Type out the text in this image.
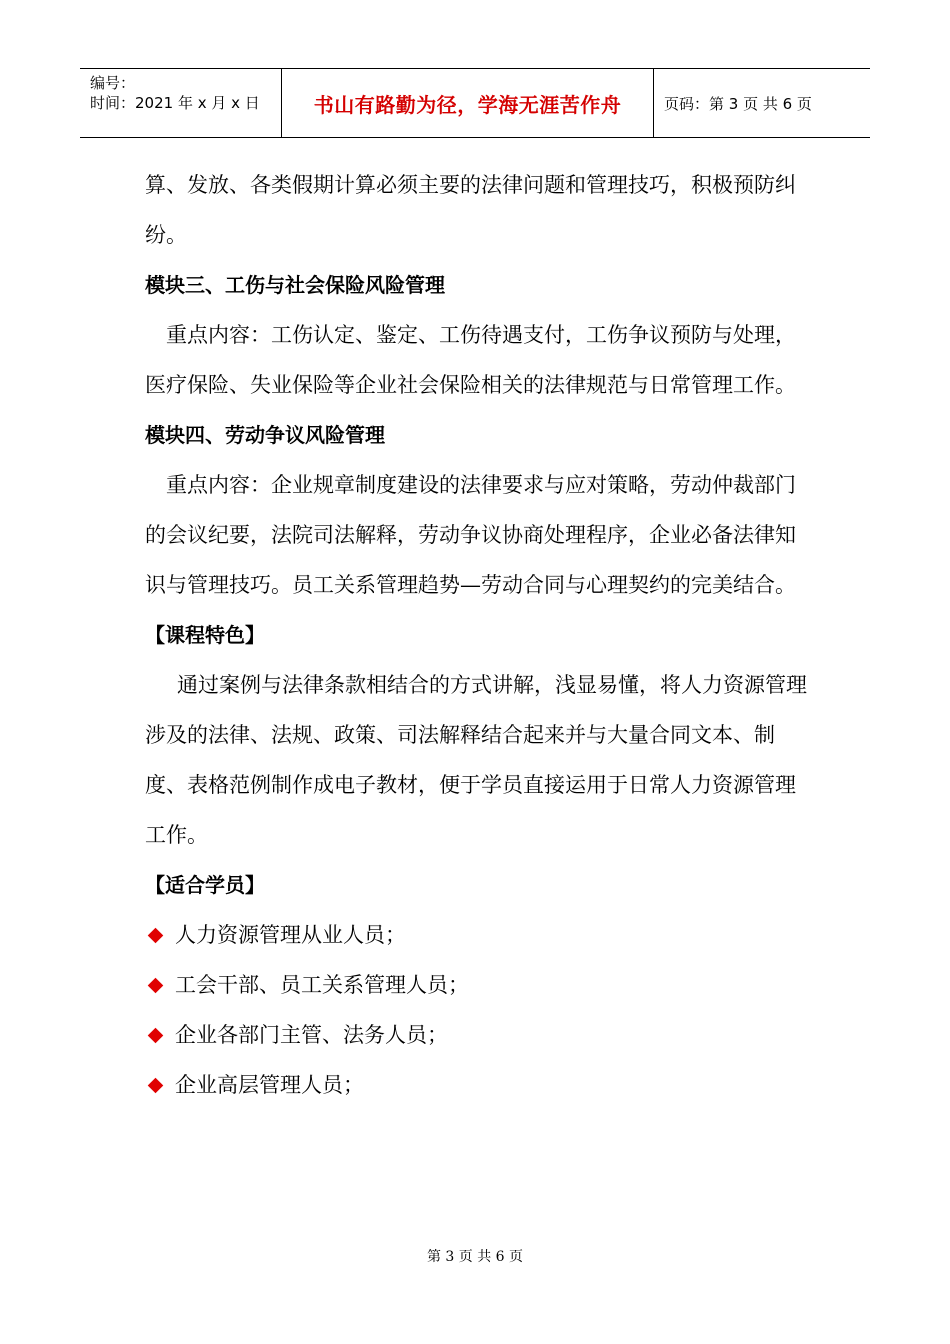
编号：
时间：2021 年 x 月 x 日	书山有路勤为径，学海无涯苦作舟	页码：第 3 页 共 6 页

算、发放、各类假期计算必须主要的法律问题和管理技巧，积极预防纠纷。

模块三、工伤与社会保险风险管理

重点内容：工伤认定、鉴定、工伤待遇支付，工伤争议预防与处理，医疗保险、失业保险等企业社会保险相关的法律规范与日常管理工作。

模块四、劳动争议风险管理

重点内容：企业规章制度建设的法律要求与应对策略，劳动仲裁部门的会议纪要，法院司法解释，劳动争议协商处理程序，企业必备法律知识与管理技巧。员工关系管理趋势—劳动合同与心理契约的完美结合。

【课程特色】

通过案例与法律条款相结合的方式讲解，浅显易懂，将人力资源管理涉及的法律、法规、政策、司法解释结合起来并与大量合同文本、制度、表格范例制作成电子教材，便于学员直接运用于日常人力资源管理工作。

【适合学员】

人力资源管理从业人员；
工会干部、员工关系管理人员；
企业各部门主管、法务人员；
企业高层管理人员；
第 3 页 共 6 页
